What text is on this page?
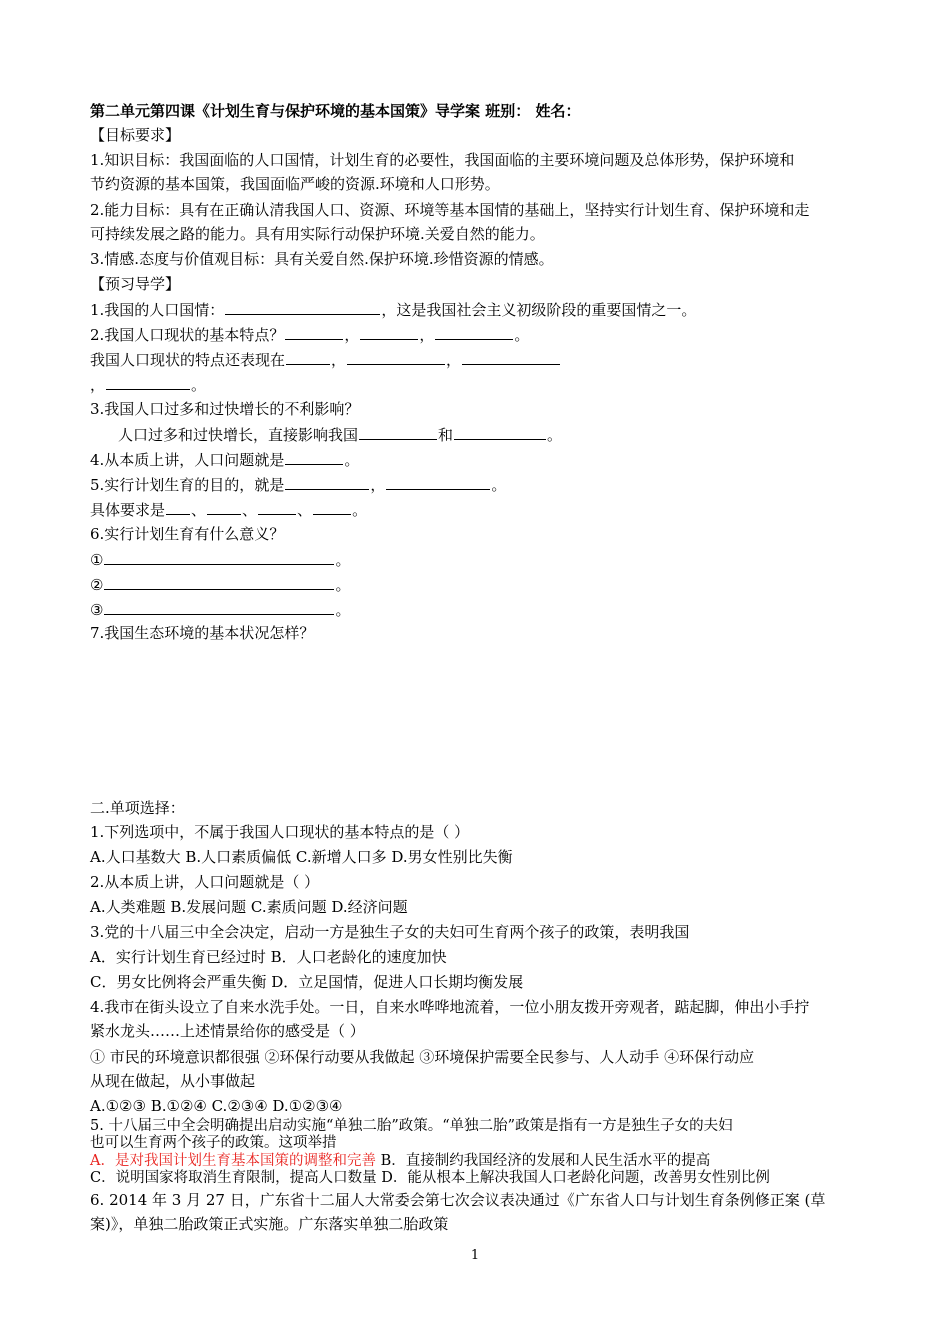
第二单元第四课《计划生育与保护环境的基本国策》导学案 班别： 姓名：
【目标要求】
1.知识目标：我国面临的人口国情，计划生育的必要性，我国面临的主要环境问题及总体形势，保护环境和
节约资源的基本国策，我国面临严峻的资源.环境和人口形势。
2.能力目标：具有在正确认清我国人口、资源、环境等基本国情的基础上，坚持实行计划生育、保护环境和走
可持续发展之路的能力。具有用实际行动保护环境.关爱自然的能力。
3.情感.态度与价值观目标：具有关爱自然.保护环境.珍惜资源的情感。
【预习导学】
1.我国的人口国情：	，这是我国社会主义初级阶段的重要国情之一。
2.我国人口现状的基本特点？	，	，	。
我国人口现状的特点还表现在	，	，
，	。
3.我国人口过多和过快增长的不利影响？
人口过多和过快增长，直接影响我国	和	。
4.从本质上讲，人口问题就是	。
5.实行计划生育的目的，就是	，	。
具体要求是 、 、	、	。
6.实行计划生育有什么意义？
①	。
②	。
③	。
7.我国生态环境的基本状况怎样？
二.单项选择：
1.下列选项中，不属于我国人口现状的基本特点的是（ ）
A.人口基数大 B.人口素质偏低 C.新增人口多 D.男女性别比失衡
2.从本质上讲，人口问题就是（ ）
A.人类难题 B.发展问题 C.素质问题 D.经济问题
3.党的十八届三中全会决定，启动一方是独生子女的夫妇可生育两个孩子的政策，表明我国
A．实行计划生育已经过时 B．人口老龄化的速度加快
C．男女比例将会严重失衡 D．立足国情，促进人口长期均衡发展
4.我市在街头设立了自来水洗手处。一日，自来水哗哗地流着，一位小朋友拨开旁观者，踮起脚，伸出小手拧
紧水龙头……上述情景给你的感受是（ ）
① 市民的环境意识都很强 ②环保行动要从我做起 ③环境保护需要全民参与、人人动手 ④环保行动应
从现在做起，从小事做起
A.①②③ B.①②④ C.②③④ D.①②③④
5. 十八届三中全会明确提出启动实施“单独二胎”政策。“单独二胎”政策是指有一方是独生子女的夫妇
也可以生育两个孩子的政策。这项举措
A．是对我国计划生育基本国策的调整和完善 B．直接制约我国经济的发展和人民生活水平的提高
C．说明国家将取消生育限制，提高人口数量 D．能从根本上解决我国人口老龄化问题，改善男女性别比例
6. 2014 年 3 月 27 日，广东省十二届人大常委会第七次会议表决通过《广东省人口与计划生育条例修正案 (草
案)》，单独二胎政策正式实施。广东落实单独二胎政策
1
